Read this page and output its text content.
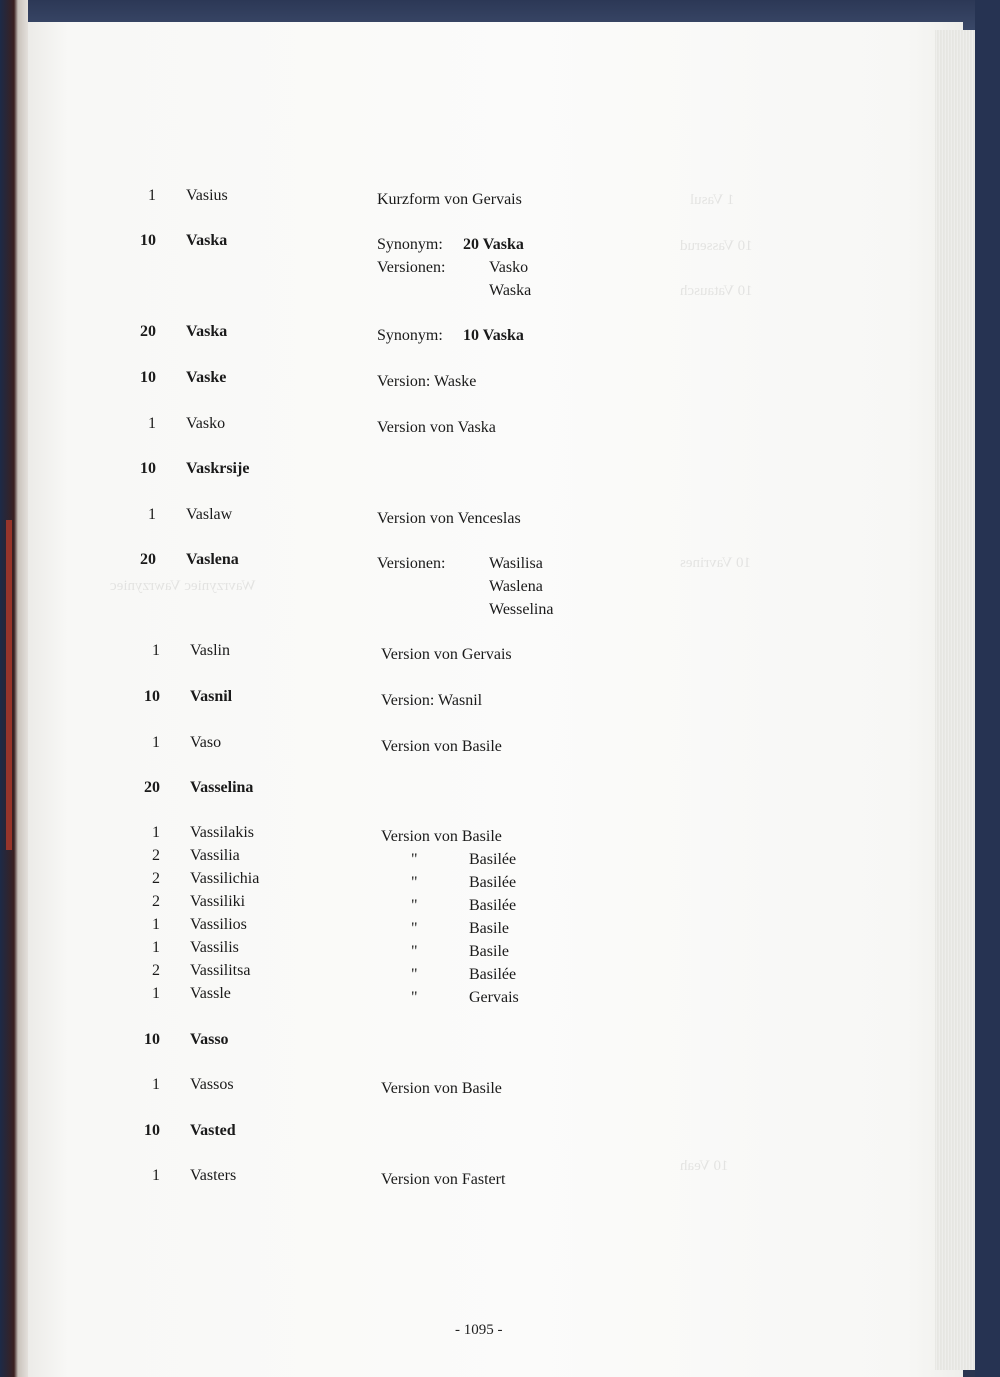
1 Vasul
10 Vasserud
10 Vatausch
10 Vavrines
Wavrzyniec Vawrzyniec
10 Veah
1 Vasius	Kurzform von Gervais
10 Vaska	Synonym: 20 Vaska
Versionen:	Vasko
Waska
20 Vaska	Synonym: 10 Vaska
10 Vaske	Version: Waske
1 Vasko	Version von Vaska
10 Vaskrsije
1 Vaslaw	Version von Venceslas
20 Vaslena	Versionen:	Wasilisa
Waslena
Wesselina
1 Vaslin	Version von Gervais
10 Vasnil	Version: Wasnil
1 Vaso	Version von Basile
20 Vasselina
1 Vassilakis	Version von Basile
2 Vassilia	"	Basilée
2 Vassilichia	"	Basilée
2 Vassiliki	"	Basilée
1 Vassilios	"	Basile
1 Vassilis	"	Basile
2 Vassilitsa	"	Basilée
1 Vassle	"	Gervais
10 Vasso
1 Vassos	Version von Basile
10 Vasted
1 Vasters	Version von Fastert
- 1095 -
